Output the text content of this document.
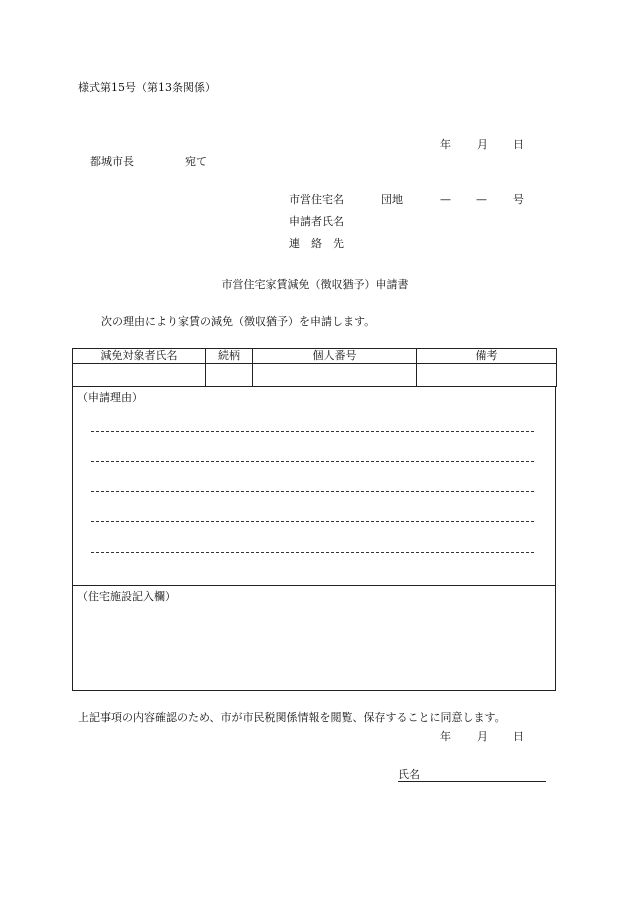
様式第15号（第13条関係）
年 月 日
都城市長	宛て
市営住宅名	団地	— — 号
申請者氏名
連　絡　先
市営住宅家賃減免（徴収猶予）申請書
次の理由により家賃の減免（徴収猶予）を申請します。
減免対象者氏名	続柄	個人番号	備考

（申請理由）
（住宅施設記入欄）
上記事項の内容確認のため、市が市民税関係情報を閲覧、保存することに同意します。
年 月 日
氏名
